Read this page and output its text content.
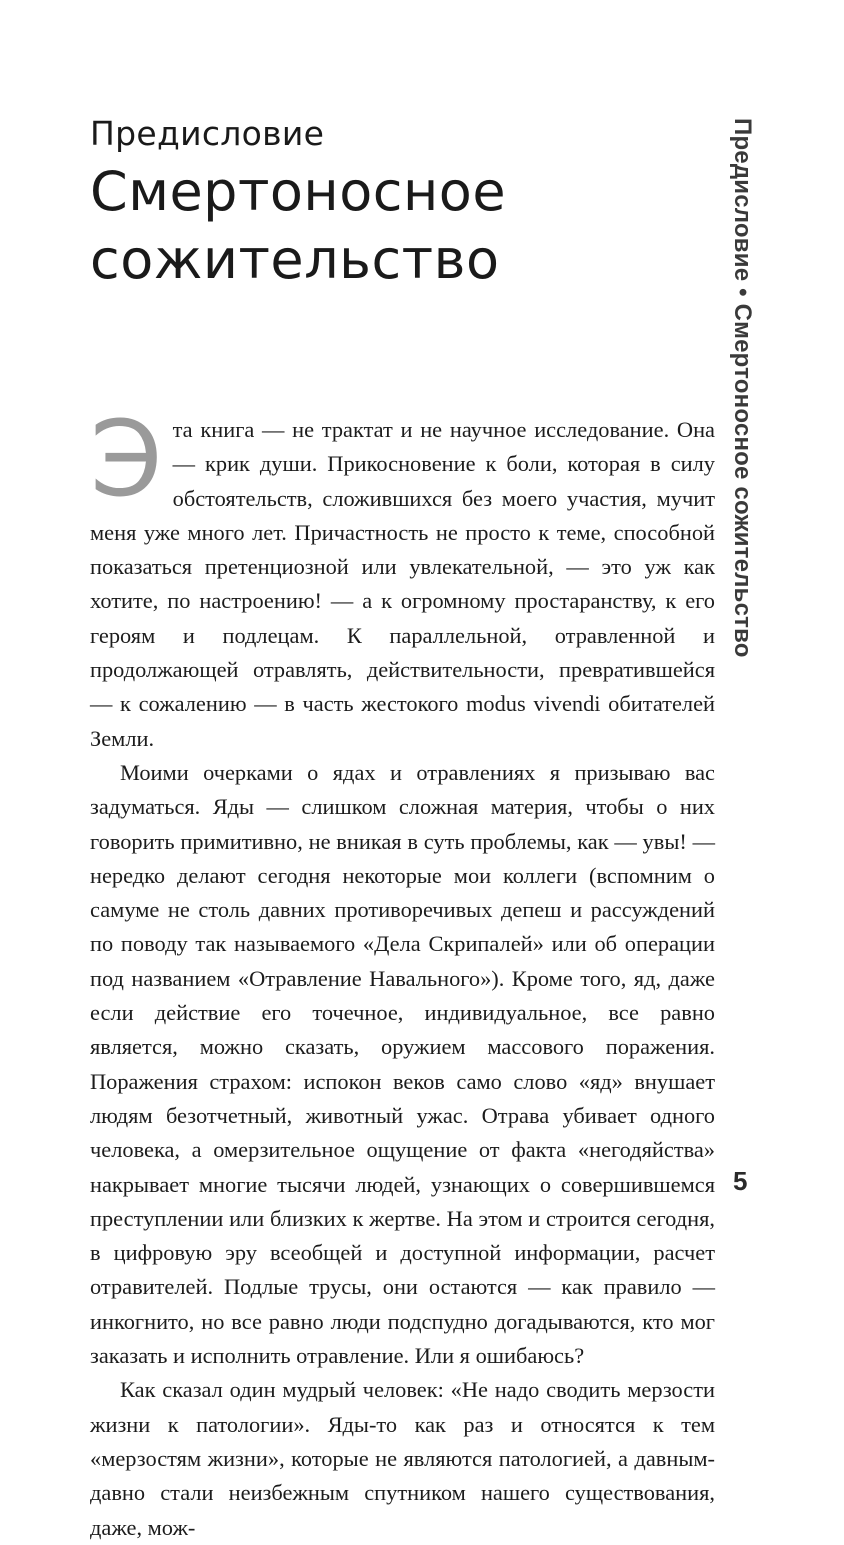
Предисловие
Смертоносное
сожительство

Эта книга — не трактат и не научное исследование. Она — крик души. Прикосновение к боли, которая в силу обстоятельств, сложившихся без моего участия, мучит меня уже много лет. Причастность не просто к теме, способной показаться претенциозной или увлекательной, — это уж как хотите, по настроению! — а к огромному простаранству, к его героям и подлецам. К параллельной, отравленной и продолжающей отравлять, действительности, превратившейся — к сожалению — в часть жестокого modus vivendi обитателей Земли.

Моими очерками о ядах и отравлениях я призываю вас задуматься. Яды — слишком сложная материя, чтобы о них говорить примитивно, не вникая в суть проблемы, как — увы! — нередко делают сегодня некоторые мои коллеги (вспомним о самуме не столь давних противоречивых депеш и рассуждений по поводу так называемого «Дела Скрипалей» или об операции под названием «Отравление Навального»). Кроме того, яд, даже если действие его точечное, индивидуальное, все равно является, можно сказать, оружием массового поражения. Поражения страхом: испокон веков само слово «яд» внушает людям безотчетный, животный ужас. Отрава убивает одного человека, а омерзительное ощущение от факта «негодяйства» накрывает многие тысячи людей, узнающих о совершившемся преступлении или близких к жертве. На этом и строится сегодня, в цифровую эру всеобщей и доступной информации, расчет отравителей. Подлые трусы, они остаются — как правило — инкогнито, но все равно люди подспудно догадываются, кто мог заказать и исполнить отравление. Или я ошибаюсь?

Как сказал один мудрый человек: «Не надо сводить мерзости жизни к патологии». Яды-то как раз и относятся к тем «мерзостям жизни», которые не являются патологией, а давным-давно стали неизбежным спутником нашего существования, даже, мож-

Предисловие • Смертоносное сожительство
5
